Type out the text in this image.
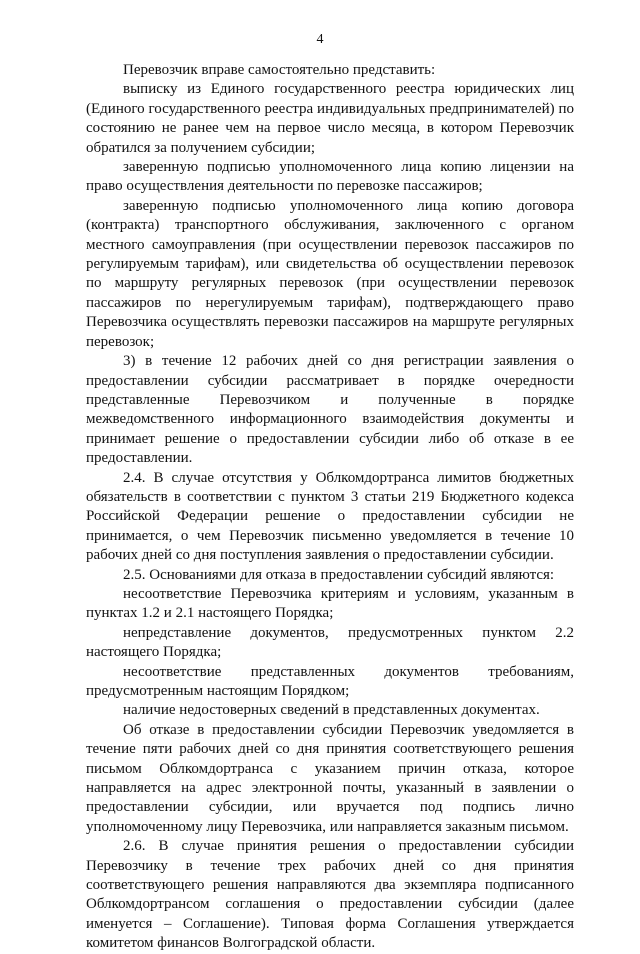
4

Перевозчик вправе самостоятельно представить:

выписку из Единого государственного реестра юридических лиц (Единого государственного реестра индивидуальных предпринимателей) по состоянию не ранее чем на первое число месяца, в котором Перевозчик обратился за получением субсидии;

заверенную подписью уполномоченного лица копию лицензии на право осуществления деятельности по перевозке пассажиров;

заверенную подписью уполномоченного лица копию договора (контракта) транспортного обслуживания, заключенного с органом местного самоуправления (при осуществлении перевозок пассажиров по регулируемым тарифам), или свидетельства об осуществлении перевозок по маршруту регулярных перевозок (при осуществлении перевозок пассажиров по нерегулируемым тарифам), подтверждающего право Перевозчика осуществлять перевозки пассажиров на маршруте регулярных перевозок;

3) в течение 12 рабочих дней со дня регистрации заявления о предоставлении субсидии рассматривает в порядке очередности представленные Перевозчиком и полученные в порядке межведомственного информационного взаимодействия документы и принимает решение о предоставлении субсидии либо об отказе в ее предоставлении.

2.4. В случае отсутствия у Облкомдортранса лимитов бюджетных обязательств в соответствии с пунктом 3 статьи 219 Бюджетного кодекса Российской Федерации решение о предоставлении субсидии не принимается, о чем Перевозчик письменно уведомляется в течение 10 рабочих дней со дня поступления заявления о предоставлении субсидии.

2.5. Основаниями для отказа в предоставлении субсидий являются:

несоответствие Перевозчика критериям и условиям, указанным в пунктах 1.2 и 2.1 настоящего Порядка;

непредставление документов, предусмотренных пунктом 2.2 настоящего Порядка;

несоответствие представленных документов требованиям, предусмотренным настоящим Порядком;

наличие недостоверных сведений в представленных документах.

Об отказе в предоставлении субсидии Перевозчик уведомляется в течение пяти рабочих дней со дня принятия соответствующего решения письмом Облкомдортранса с указанием причин отказа, которое направляется на адрес электронной почты, указанный в заявлении о предоставлении субсидии, или вручается под подпись лично уполномоченному лицу Перевозчика, или направляется заказным письмом.

2.6. В случае принятия решения о предоставлении субсидии Перевозчику в течение трех рабочих дней со дня принятия соответствующего решения направляются два экземпляра подписанного Облкомдортрансом соглашения о предоставлении субсидии (далее именуется – Соглашение). Типовая форма Соглашения утверждается комитетом финансов Волгоградской области.
